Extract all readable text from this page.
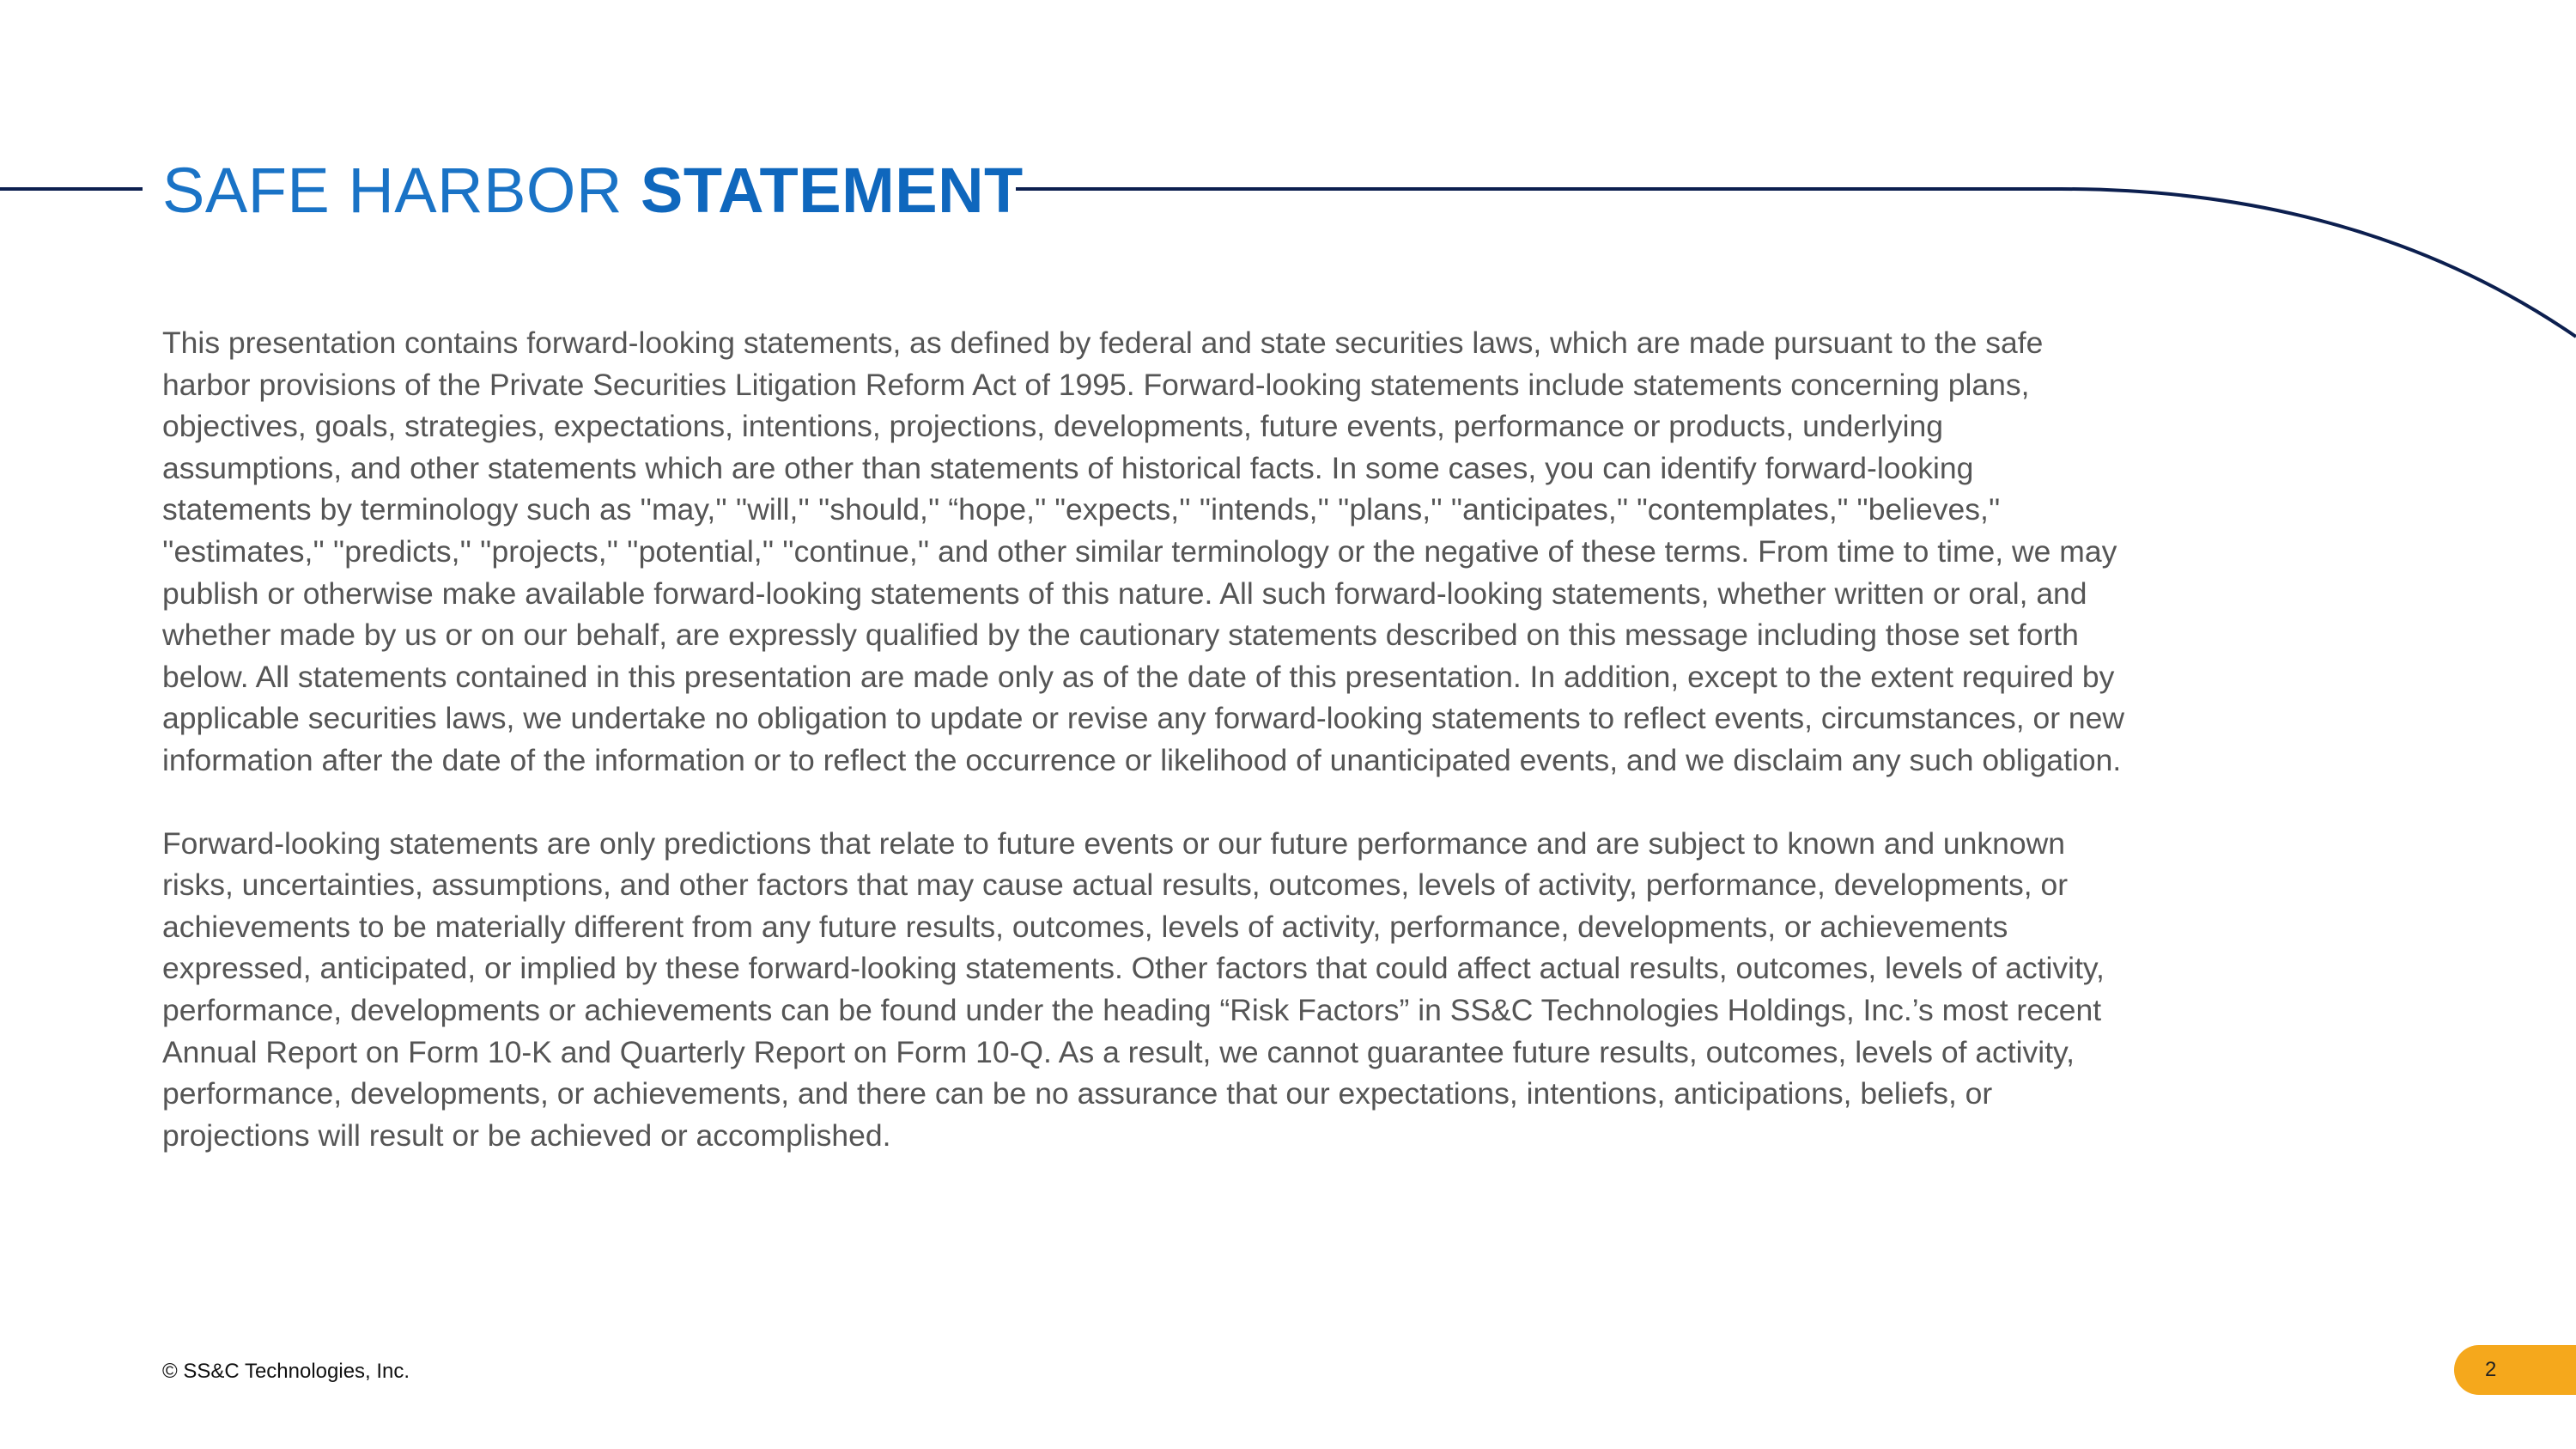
SAFE HARBOR STATEMENT

This presentation contains forward-looking statements, as defined by federal and state securities laws, which are made pursuant to the safe harbor provisions of the Private Securities Litigation Reform Act of 1995. Forward-looking statements include statements concerning plans, objectives, goals, strategies, expectations, intentions, projections, developments, future events, performance or products, underlying assumptions, and other statements which are other than statements of historical facts. In some cases, you can identify forward-looking statements by terminology such as ''may,'' ''will,'' ''should,'' “hope,'' "expects,'' ''intends,'' ''plans,'' ''anticipates,'' "contemplates," ''believes,'' ''estimates,'' ''predicts,'' ''projects,'' ''potential,'' ''continue,'' and other similar terminology or the negative of these terms. From time to time, we may publish or otherwise make available forward-looking statements of this nature. All such forward-looking statements, whether written or oral, and whether made by us or on our behalf, are expressly qualified by the cautionary statements described on this message including those set forth below. All statements contained in this presentation are made only as of the date of this presentation. In addition, except to the extent required by applicable securities laws, we undertake no obligation to update or revise any forward-looking statements to reflect events, circumstances, or new information after the date of the information or to reflect the occurrence or likelihood of unanticipated events, and we disclaim any such obligation.

Forward-looking statements are only predictions that relate to future events or our future performance and are subject to known and unknown risks, uncertainties, assumptions, and other factors that may cause actual results, outcomes, levels of activity, performance, developments, or achievements to be materially different from any future results, outcomes, levels of activity, performance, developments, or achievements expressed, anticipated, or implied by these forward-looking statements. Other factors that could affect actual results, outcomes, levels of activity, performance, developments or achievements can be found under the heading “Risk Factors” in SS&C Technologies Holdings, Inc.’s most recent Annual Report on Form 10-K and Quarterly Report on Form 10-Q. As a result, we cannot guarantee future results, outcomes, levels of activity, performance, developments, or achievements, and there can be no assurance that our expectations, intentions, anticipations, beliefs, or projections will result or be achieved or accomplished.

© SS&C Technologies, Inc.	2
